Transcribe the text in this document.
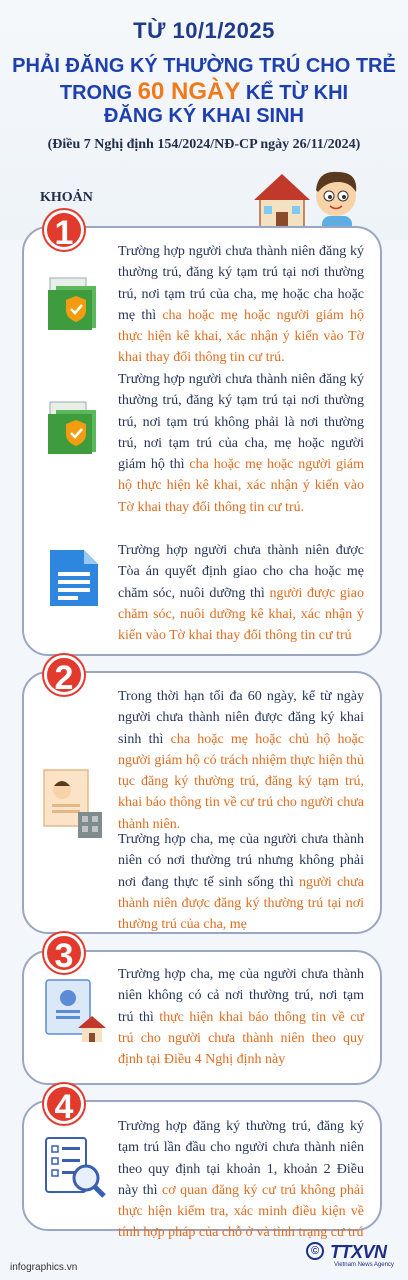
TỪ 10/1/2025
PHẢI ĐĂNG KÝ THƯỜNG TRÚ CHO TRẺ
TRONG 60 NGÀY KỂ TỪ KHI
ĐĂNG KÝ KHAI SINH
(Điều 7 Nghị định 154/2024/NĐ-CP ngày 26/11/2024)
KHOẢN
1	Trường hợp người chưa thành niên đăng ký thường trú, đăng ký tạm trú tại nơi thường trú, nơi tạm trú của cha, mẹ hoặc cha hoặc mẹ thì cha hoặc mẹ hoặc người giám hộ thực hiện kê khai, xác nhận ý kiến vào Tờ khai thay đổi thông tin cư trú.
Trường hợp người chưa thành niên đăng ký thường trú, đăng ký tạm trú tại nơi thường trú, nơi tạm trú không phải là nơi thường trú, nơi tạm trú của cha, mẹ hoặc người giám hộ thì cha hoặc mẹ hoặc người giám hộ thực hiện kê khai, xác nhận ý kiến vào Tờ khai thay đổi thông tin cư trú.
Trường hợp người chưa thành niên được Tòa án quyết định giao cho cha hoặc mẹ chăm sóc, nuôi dưỡng thì người được giao chăm sóc, nuôi dưỡng kê khai, xác nhận ý kiến vào Tờ khai thay đổi thông tin cư trú
2	Trong thời hạn tối đa 60 ngày, kể từ ngày người chưa thành niên được đăng ký khai sinh thì cha hoặc mẹ hoặc chủ hộ hoặc người giám hộ có trách nhiệm thực hiện thủ tục đăng ký thường trú, đăng ký tạm trú, khai báo thông tin về cư trú cho người chưa thành niên.
Trường hợp cha, mẹ của người chưa thành niên có nơi thường trú nhưng không phải nơi đang thực tế sinh sống thì người chưa thành niên được đăng ký thường trú tại nơi thường trú của cha, mẹ
3	Trường hợp cha, mẹ của người chưa thành niên không có cả nơi thường trú, nơi tạm trú thì thực hiện khai báo thông tin về cư trú cho người chưa thành niên theo quy định tại Điều 4 Nghị định này
4
Trường hợp đăng ký thường trú, đăng ký tạm trú lần đầu cho người chưa thành niên theo quy định tại khoản 1, khoản 2 Điều này thì cơ quan đăng ký cư trú không phải thực hiện kiểm tra, xác minh điều kiện về tính hợp pháp của chỗ ở và tình trạng cư trú
infographics.vn
© TTXVN
Vietnam News Agency
